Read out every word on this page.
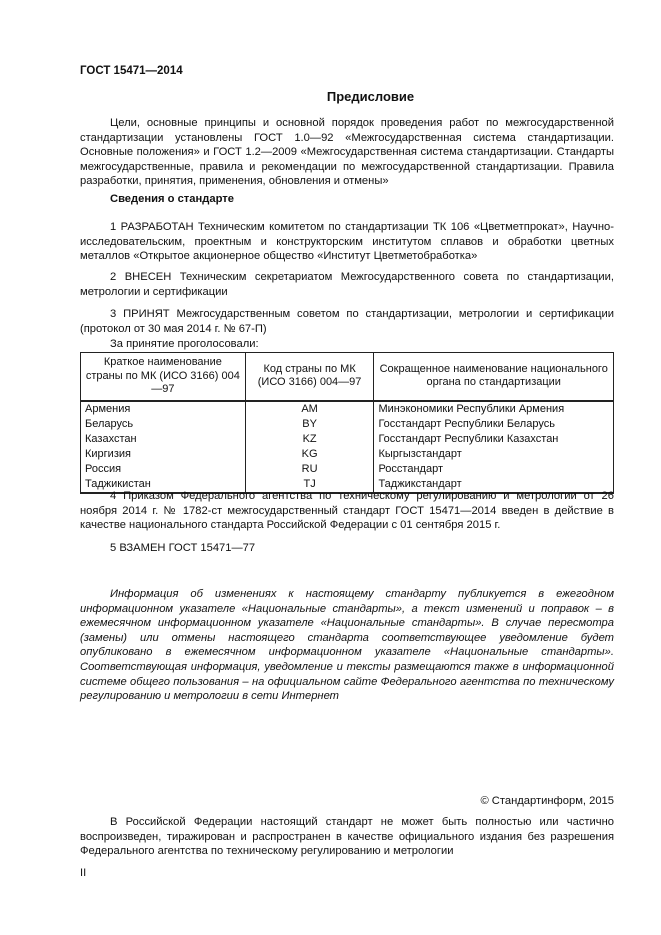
ГОСТ 15471—2014
Предисловие
Цели, основные принципы и основной порядок проведения работ по межгосударственной стандартизации установлены ГОСТ 1.0—92 «Межгосударственная система стандартизации. Основные положения» и ГОСТ 1.2—2009 «Межгосударственная система стандартизации. Стандарты межгосударственные, правила и рекомендации по межгосударственной стандартизации. Правила разработки, принятия, применения, обновления и отмены»
Сведения о стандарте
1 РАЗРАБОТАН Техническим комитетом по стандартизации ТК 106 «Цветметпрокат», Научно-исследовательским, проектным и конструкторским институтом сплавов и обработки цветных металлов «Открытое акционерное общество «Институт Цветметобработка»
2 ВНЕСЕН Техническим секретариатом Межгосударственного совета по стандартизации, метрологии и сертификации
3 ПРИНЯТ Межгосударственным советом по стандартизации, метрологии и сертификации (протокол от 30 мая 2014 г. № 67-П)
За принятие проголосовали:
Краткое наименование страны по МК (ИСО 3166) 004—97	Код страны по МК (ИСО 3166) 004—97	Сокращенное наименование национального органа по стандартизации
Армения	AM	Минэкономики Республики Армения
Беларусь	BY	Госстандарт Республики Беларусь
Казахстан	KZ	Госстандарт Республики Казахстан
Киргизия	KG	Кыргызстандарт
Россия	RU	Росстандарт
Таджикистан	TJ	Таджикстандарт
4 Приказом Федерального агентства по техническому регулированию и метрологии от 26 ноября 2014 г. № 1782-ст межгосударственный стандарт ГОСТ 15471—2014 введен в действие в качестве национального стандарта Российской Федерации с 01 сентября 2015 г.
5 ВЗАМЕН ГОСТ 15471—77
Информация об изменениях к настоящему стандарту публикуется в ежегодном информационном указателе «Национальные стандарты», а текст изменений и поправок – в ежемесячном информационном указателе «Национальные стандарты». В случае пересмотра (замены) или отмены настоящего стандарта соответствующее уведомление будет опубликовано в ежемесячном информационном указателе «Национальные стандарты». Соответствующая информация, уведомление и тексты размещаются также в информационной системе общего пользования – на официальном сайте Федерального агентства по техническому регулированию и метрологии в сети Интернет
© Стандартинформ, 2015
В Российской Федерации настоящий стандарт не может быть полностью или частично воспроизведен, тиражирован и распространен в качестве официального издания без разрешения Федерального агентства по техническому регулированию и метрологии
II
